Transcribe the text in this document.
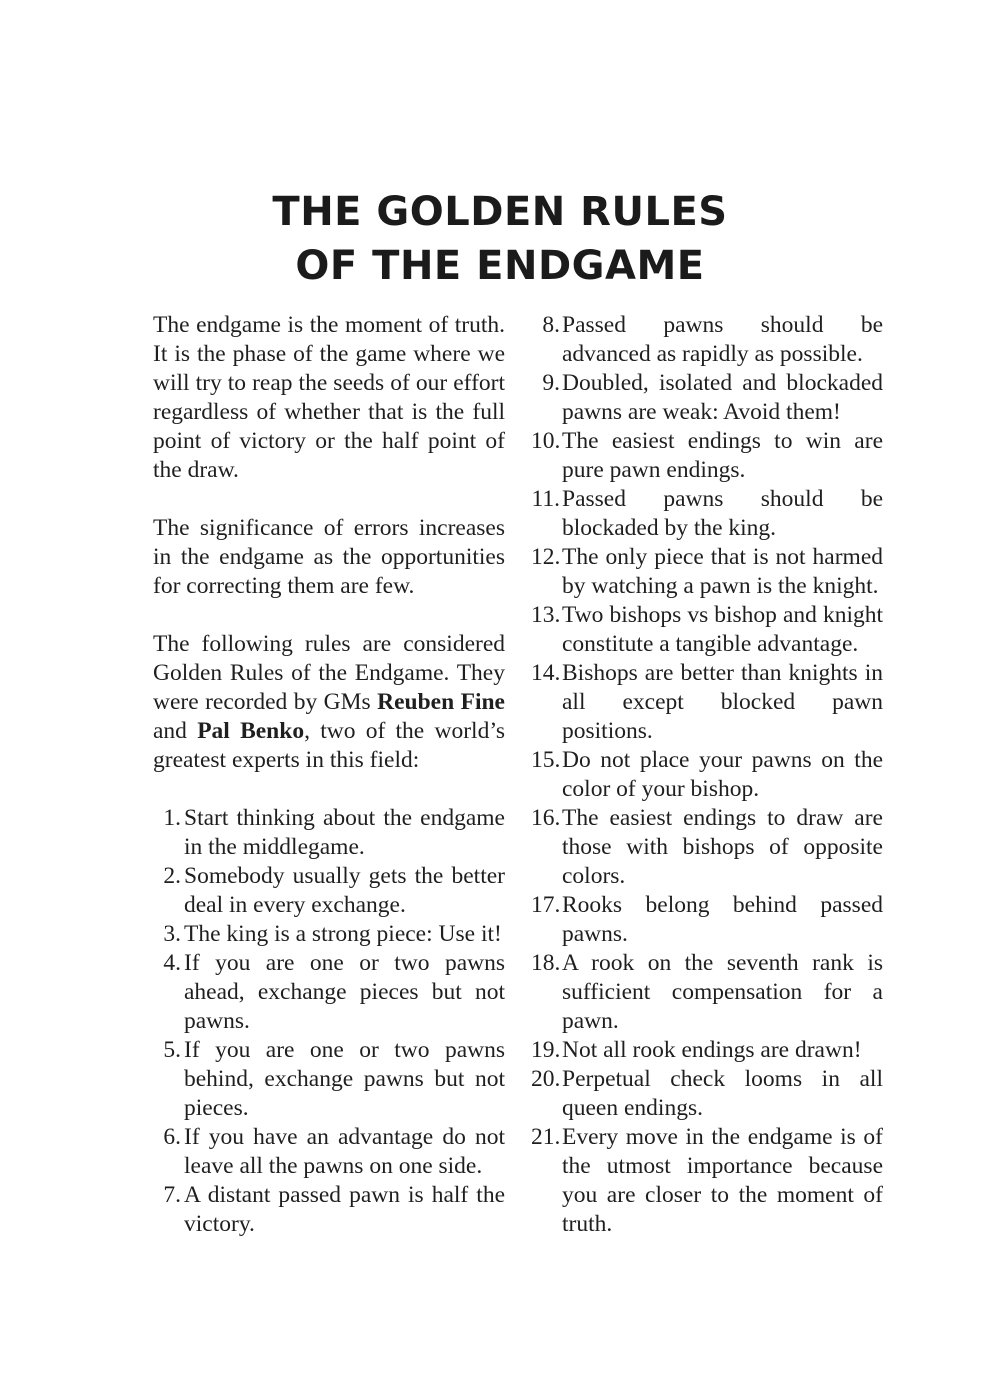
THE GOLDEN RULES
OF THE ENDGAME

The endgame is the moment of truth. It is the phase of the game where we will try to reap the seeds of our effort regardless of whether that is the full point of victory or the half point of the draw.

The significance of errors increases in the endgame as the opportunities for correcting them are few.

The following rules are considered Golden Rules of the Endgame. They were recorded by GMs Reuben Fine and Pal Benko, two of the world’s greatest experts in this field:

1. Start thinking about the endgame in the middlegame.
2. Somebody usually gets the better deal in every exchange.
3. The king is a strong piece: Use it!
4. If you are one or two pawns ahead, exchange pieces but not pawns.
5. If you are one or two pawns behind, exchange pawns but not pieces.
6. If you have an advantage do not leave all the pawns on one side.
7. A distant passed pawn is half the victory.
8. Passed pawns should be advanced as rapidly as possible.
9. Doubled, isolated and blockaded pawns are weak: Avoid them!
10. The easiest endings to win are pure pawn endings.
11. Passed pawns should be blockaded by the king.
12. The only piece that is not harmed by watching a pawn is the knight.
13. Two bishops vs bishop and knight constitute a tangible advantage.
14. Bishops are better than knights in all except blocked pawn positions.
15. Do not place your pawns on the color of your bishop.
16. The easiest endings to draw are those with bishops of opposite colors.
17. Rooks belong behind passed pawns.
18. A rook on the seventh rank is sufficient compensation for a pawn.
19. Not all rook endings are drawn!
20. Perpetual check looms in all queen endings.
21. Every move in the endgame is of the utmost importance because you are closer to the moment of truth.
